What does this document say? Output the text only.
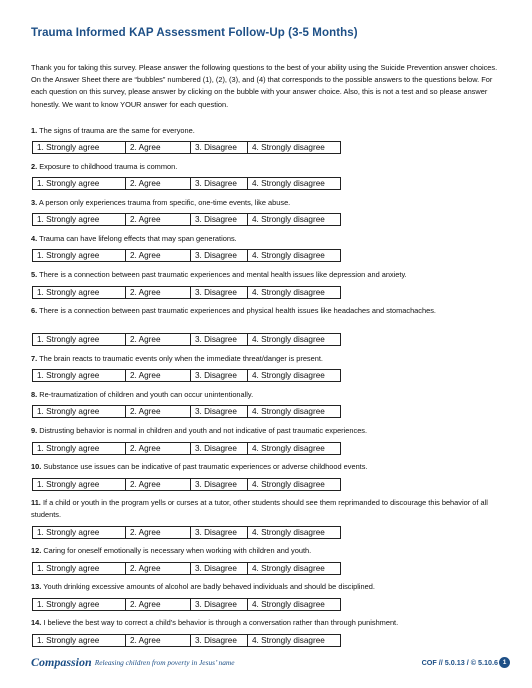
Trauma Informed KAP Assessment Follow-Up (3-5 Months)
Thank you for taking this survey. Please answer the following questions to the best of your ability using the Suicide Prevention answer choices. On the Answer Sheet there are “bubbles” numbered (1), (2), (3), and (4) that corresponds to the possible answers to the questions below. For each question on this survey, please answer by clicking on the bubble with your answer choice. Also, this is not a test and so please answer honestly. We want to know YOUR answer for each question.
1. The signs of trauma are the same for everyone.
1. Strongly agree	2. Agree	3. Disagree	4. Strongly disagree
2. Exposure to childhood trauma is common.
1. Strongly agree	2. Agree	3. Disagree	4. Strongly disagree
3. A person only experiences trauma from specific, one-time events, like abuse.
1. Strongly agree	2. Agree	3. Disagree	4. Strongly disagree
4. Trauma can have lifelong effects that may span generations.
1. Strongly agree	2. Agree	3. Disagree	4. Strongly disagree
5. There is a connection between past traumatic experiences and mental health issues like depression and anxiety.
1. Strongly agree	2. Agree	3. Disagree	4. Strongly disagree
6. There is a connection between past traumatic experiences and physical health issues like headaches and stomachaches.
1. Strongly agree	2. Agree	3. Disagree	4. Strongly disagree
7. The brain reacts to traumatic events only when the immediate threat/danger is present.
1. Strongly agree	2. Agree	3. Disagree	4. Strongly disagree
8. Re-traumatization of children and youth can occur unintentionally.
1. Strongly agree	2. Agree	3. Disagree	4. Strongly disagree
9. Distrusting behavior is normal in children and youth and not indicative of past traumatic experiences.
1. Strongly agree	2. Agree	3. Disagree	4. Strongly disagree
10. Substance use issues can be indicative of past traumatic experiences or adverse childhood events.
1. Strongly agree	2. Agree	3. Disagree	4. Strongly disagree
11. If a child or youth in the program yells or curses at a tutor, other students should see them reprimanded to discourage this behavior of all students.
1. Strongly agree	2. Agree	3. Disagree	4. Strongly disagree
12. Caring for oneself emotionally is necessary when working with children and youth.
1. Strongly agree	2. Agree	3. Disagree	4. Strongly disagree
13. Youth drinking excessive amounts of alcohol are badly behaved individuals and should be disciplined.
1. Strongly agree	2. Agree	3. Disagree	4. Strongly disagree
14. I believe the best way to correct a child’s behavior is through a conversation rather than through punishment.
1. Strongly agree	2. Agree	3. Disagree	4. Strongly disagree
Compassion Releasing children from poverty in Jesus’ name	COF // 5.0.13 / © 5.10.6 1
